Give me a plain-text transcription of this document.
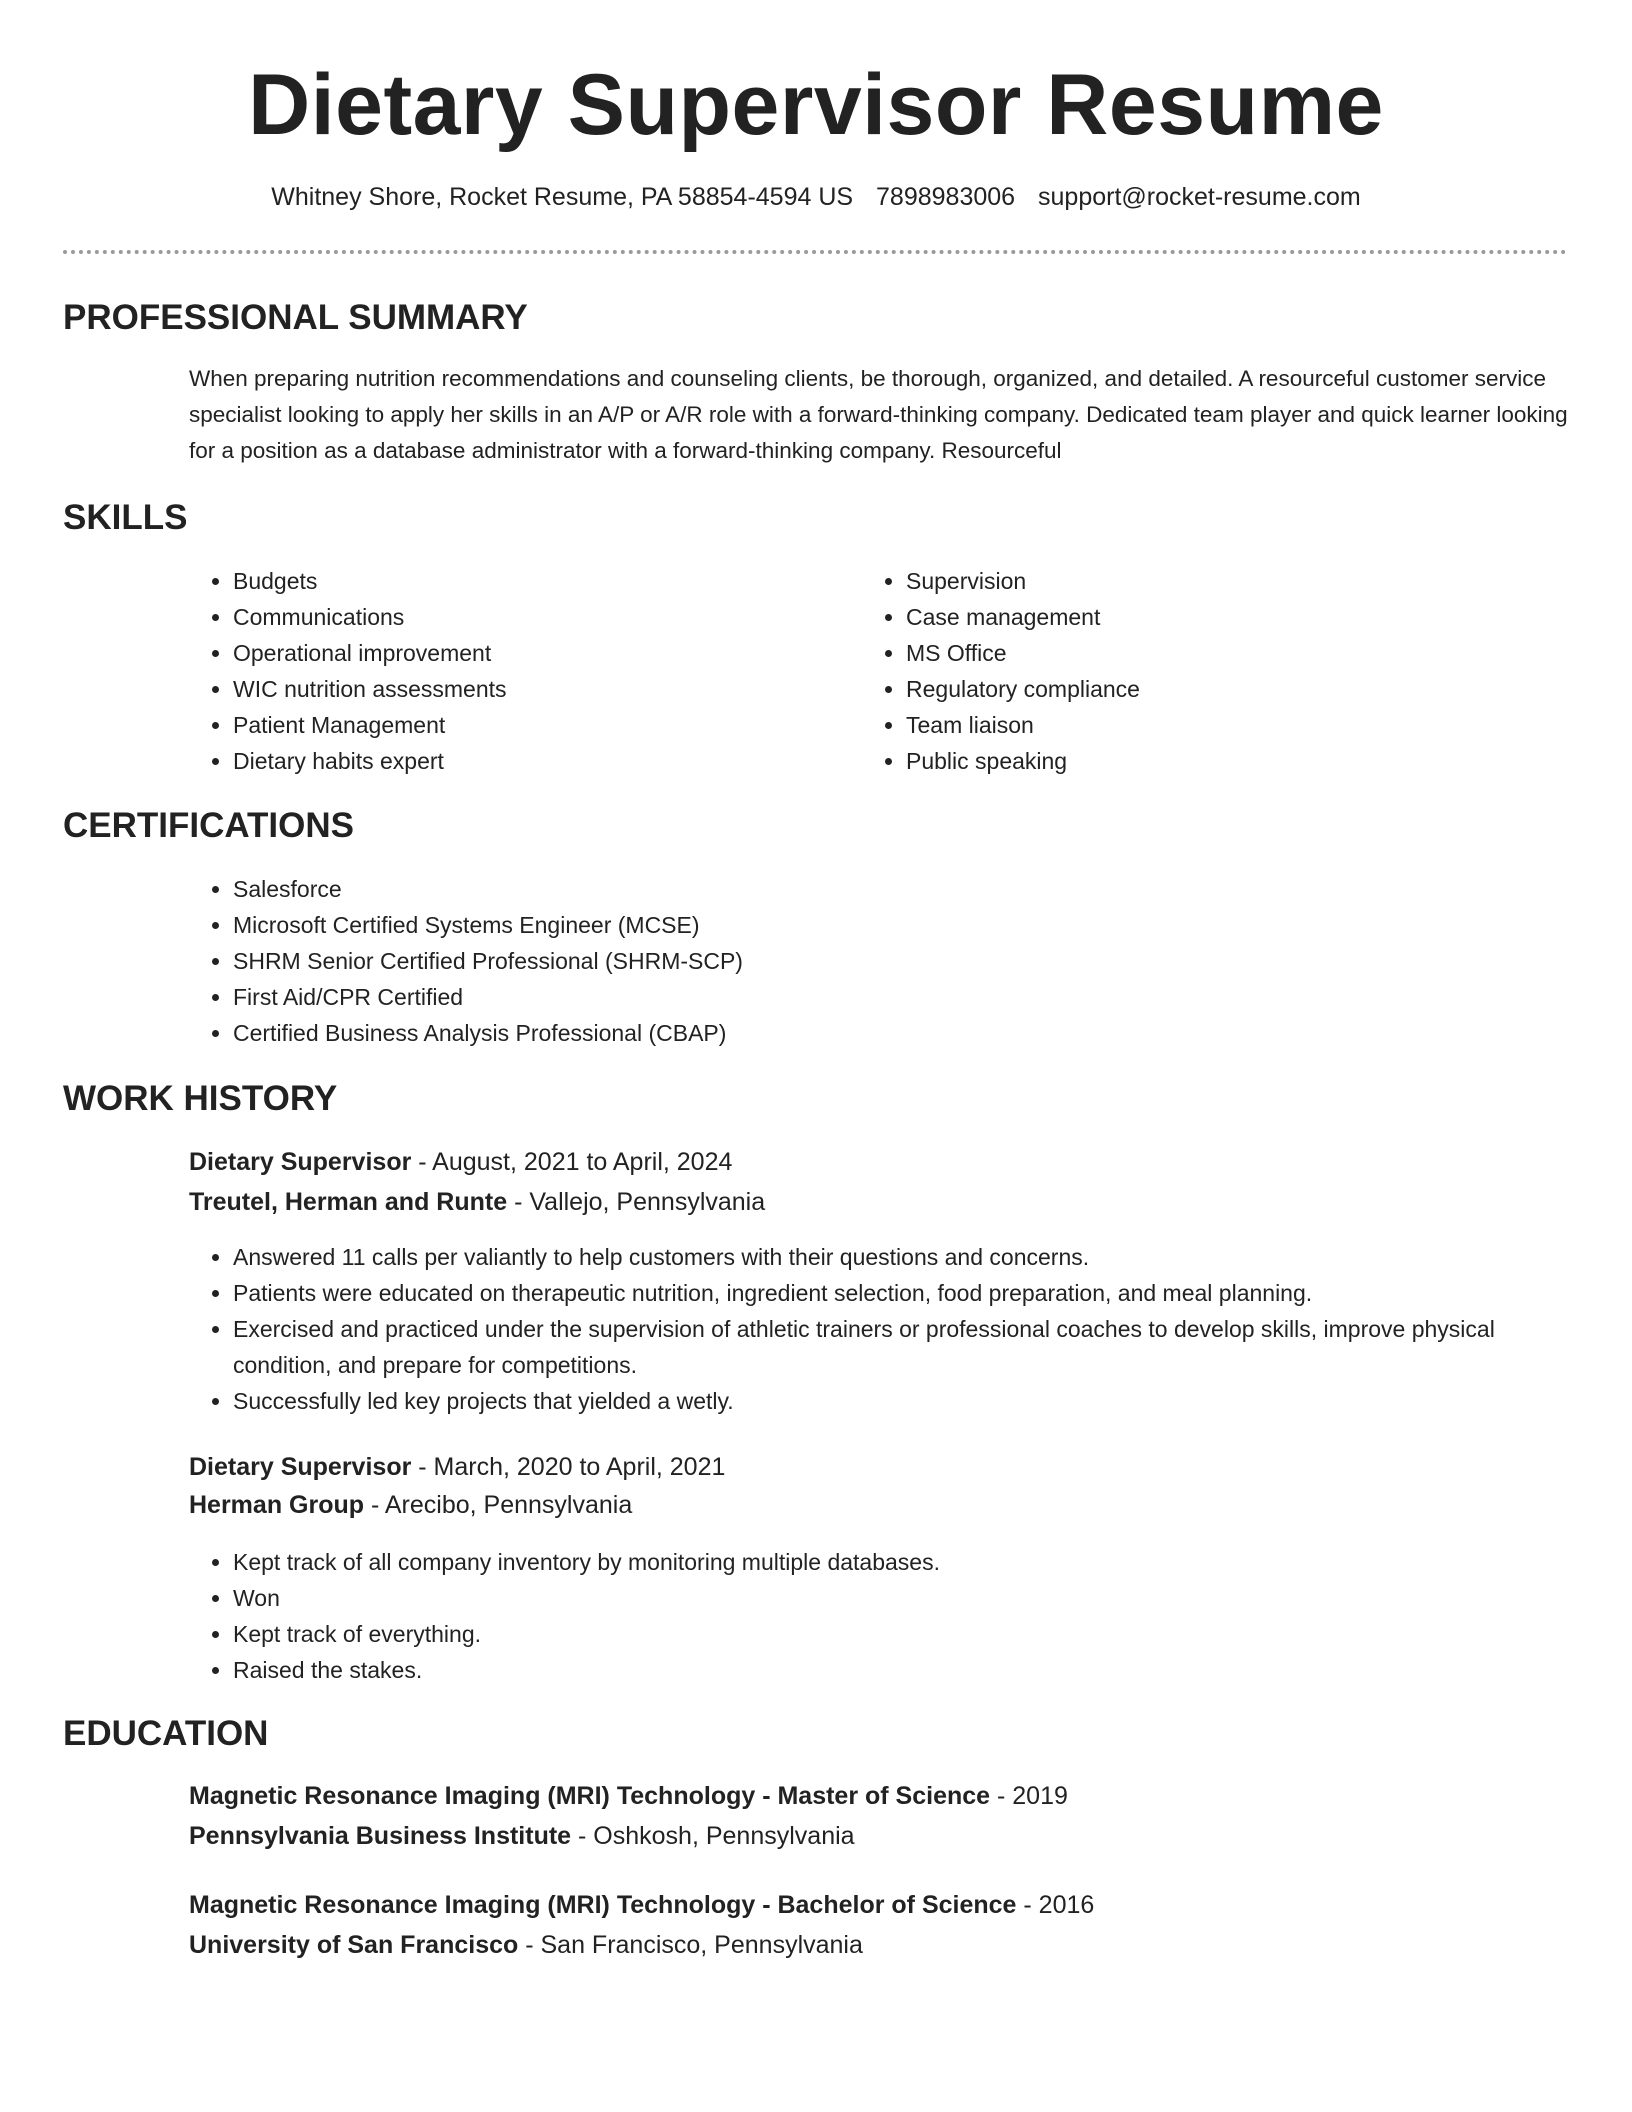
Dietary Supervisor Resume
Whitney Shore, Rocket Resume, PA 58854-4594 US 7898983006 support@rocket-resume.com
PROFESSIONAL SUMMARY

When preparing nutrition recommendations and counseling clients, be thorough, organized, and detailed. A resourceful customer service specialist looking to apply her skills in an A/P or A/R role with a forward-thinking company. Dedicated team player and quick learner looking for a position as a database administrator with a forward-thinking company. Resourceful

SKILLS
• Budgets
• Communications
• Operational improvement
• WIC nutrition assessments
• Patient Management
• Dietary habits expert
• Supervision
• Case management
• MS Office
• Regulatory compliance
• Team liaison
• Public speaking
CERTIFICATIONS
• Salesforce
• Microsoft Certified Systems Engineer (MCSE)
• SHRM Senior Certified Professional (SHRM-SCP)
• First Aid/CPR Certified
• Certified Business Analysis Professional (CBAP)
WORK HISTORY
Dietary Supervisor - August, 2021 to April, 2024
Treutel, Herman and Runte - Vallejo, Pennsylvania
• Answered 11 calls per valiantly to help customers with their questions and concerns.
• Patients were educated on therapeutic nutrition, ingredient selection, food preparation, and meal planning.
• Exercised and practiced under the supervision of athletic trainers or professional coaches to develop skills, improve physical condition, and prepare for competitions.
• Successfully led key projects that yielded a wetly.
Dietary Supervisor - March, 2020 to April, 2021
Herman Group - Arecibo, Pennsylvania
• Kept track of all company inventory by monitoring multiple databases.
• Won
• Kept track of everything.
• Raised the stakes.
EDUCATION
Magnetic Resonance Imaging (MRI) Technology - Master of Science - 2019
Pennsylvania Business Institute - Oshkosh, Pennsylvania
Magnetic Resonance Imaging (MRI) Technology - Bachelor of Science - 2016
University of San Francisco - San Francisco, Pennsylvania
